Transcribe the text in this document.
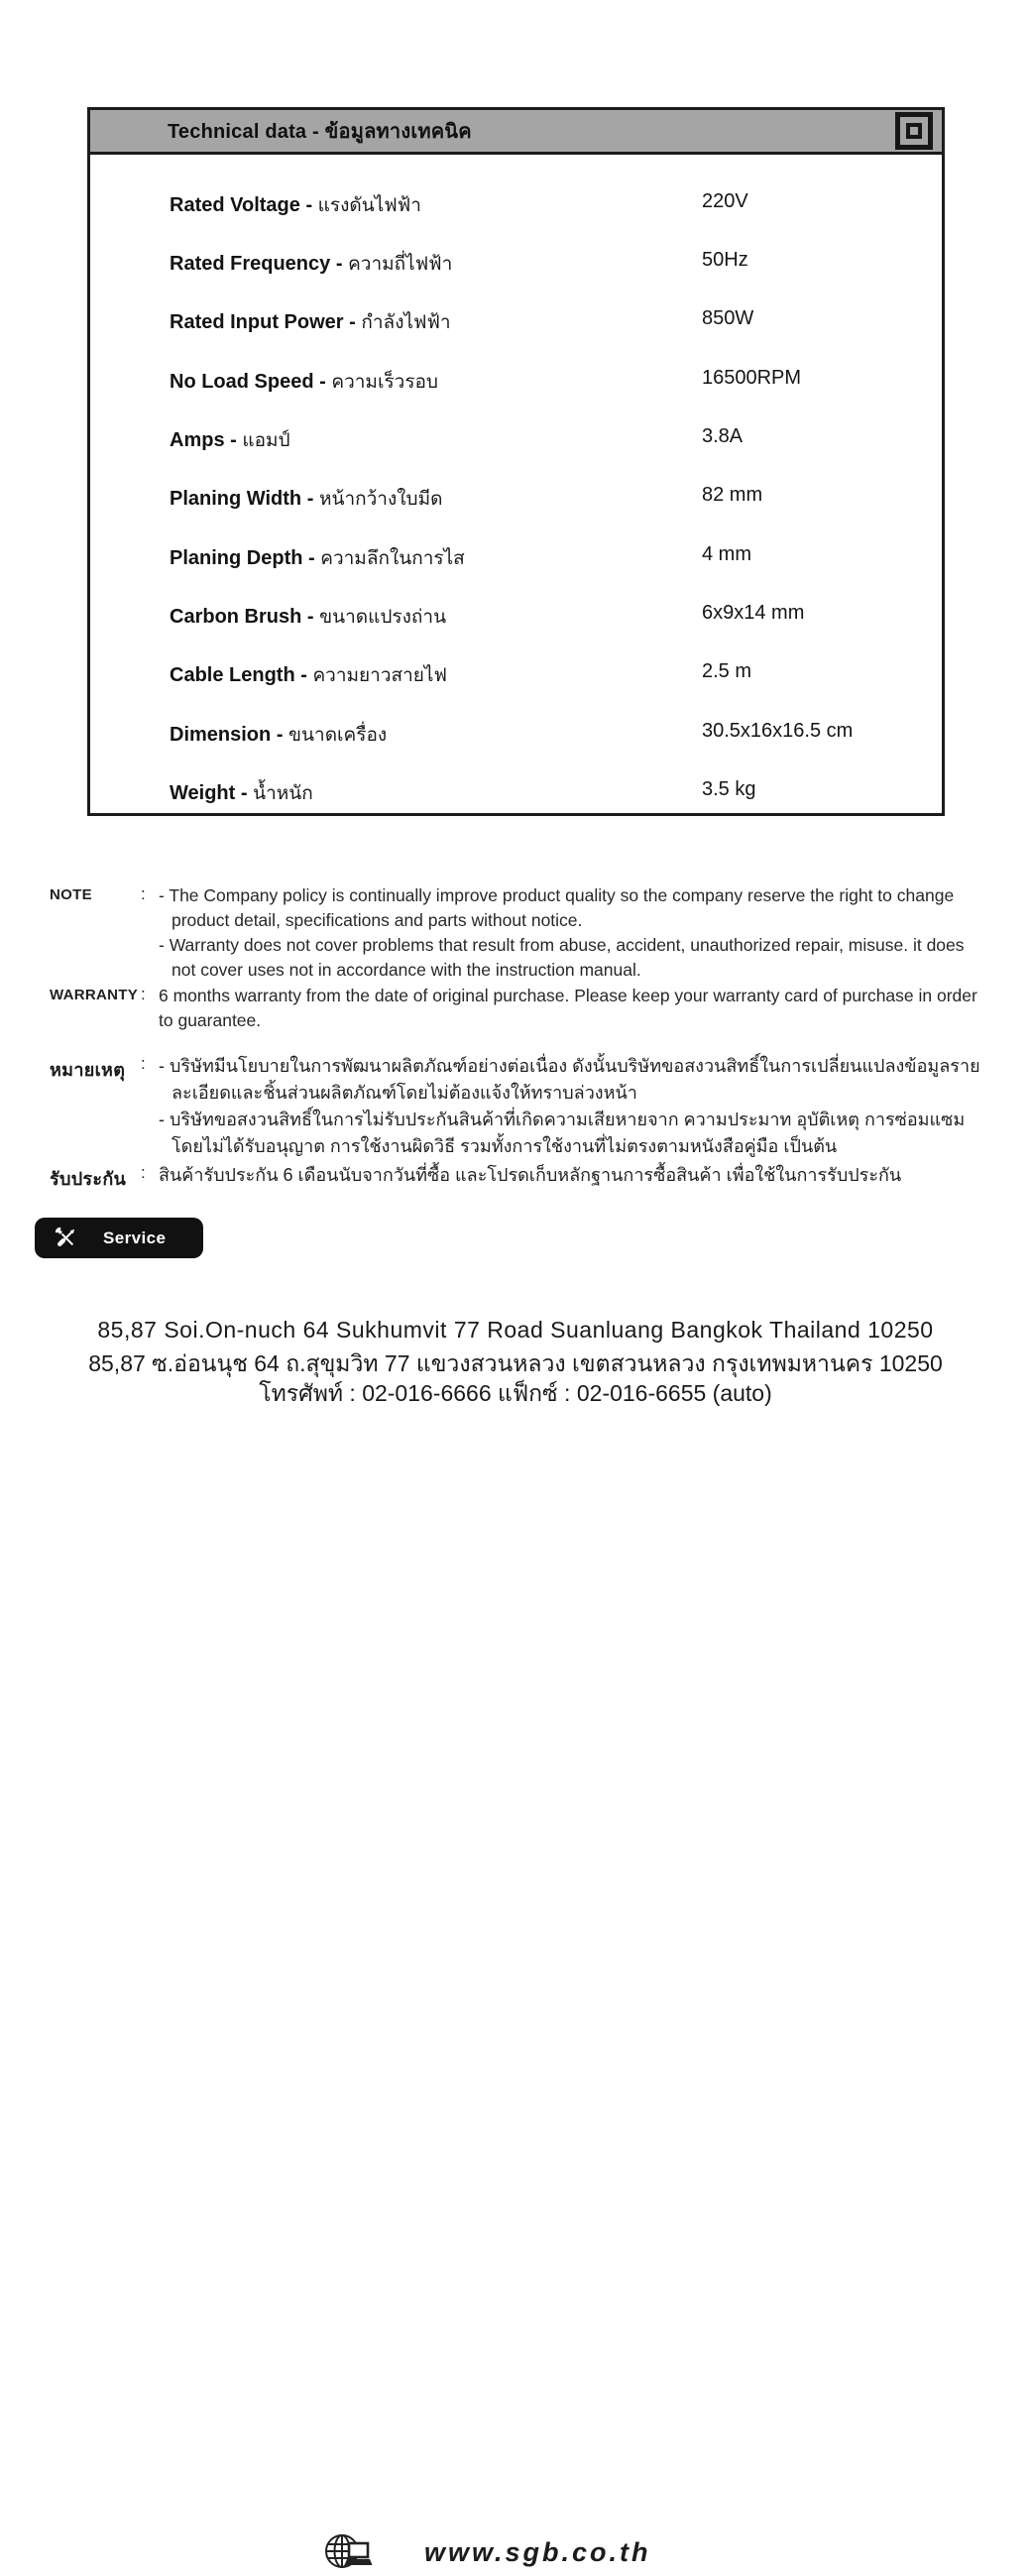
Technical data - ข้อมูลทางเทคนิค
Rated Voltage - แรงดันไฟฟ้า	220V
Rated Frequency - ความถี่ไฟฟ้า	50Hz
Rated Input Power - กำลังไฟฟ้า	850W
No Load Speed - ความเร็วรอบ	16500RPM
Amps - แอมป์	3.8A
Planing Width - หน้ากว้างใบมีด	82 mm
Planing Depth - ความลึกในการไส	4 mm
Carbon Brush - ขนาดแปรงถ่าน	6x9x14 mm
Cable Length - ความยาวสายไฟ	2.5 m
Dimension - ขนาดเครื่อง	30.5x16x16.5 cm
Weight - น้ำหนัก	3.5 kg
NOTE	: - The Company policy is continually improve product quality so the company reserve the right to change product detail, specifications and parts without notice.
- Warranty does not cover problems that result from abuse, accident, unauthorized repair, misuse. it does not cover uses not in accordance with the instruction manual.
WARRANTY : 6 months warranty from the date of original purchase. Please keep your warranty card of purchase in order to guarantee.
หมายเหตุ : - บริษัทมีนโยบายในการพัฒนาผลิตภัณฑ์อย่างต่อเนื่อง ดังนั้นบริษัทขอสงวนสิทธิ์ในการเปลี่ยนแปลงข้อมูลรายละเอียดและชิ้นส่วนผลิตภัณฑ์โดยไม่ต้องแจ้งให้ทราบล่วงหน้า
- บริษัทขอสงวนสิทธิ์ในการไม่รับประกันสินค้าที่เกิดความเสียหายจาก ความประมาท อุบัติเหตุ การซ่อมแซมโดยไม่ได้รับอนุญาต การใช้งานผิดวิธี รวมทั้งการใช้งานที่ไม่ตรงตามหนังสือคู่มือ เป็นต้น
รับประกัน : สินค้ารับประกัน 6 เดือนนับจากวันที่ซื้อ และโปรดเก็บหลักฐานการซื้อสินค้า เพื่อใช้ในการรับประกัน
Service
www.sgb.co.th
85,87 Soi.On-nuch 64 Sukhumvit 77 Road Suanluang Bangkok Thailand 10250
85,87 ซ.อ่อนนุช 64 ถ.สุขุมวิท 77 แขวงสวนหลวง เขตสวนหลวง กรุงเทพมหานคร 10250
โทรศัพท์ : 02-016-6666 แฟ็กซ์ : 02-016-6655 (auto)
